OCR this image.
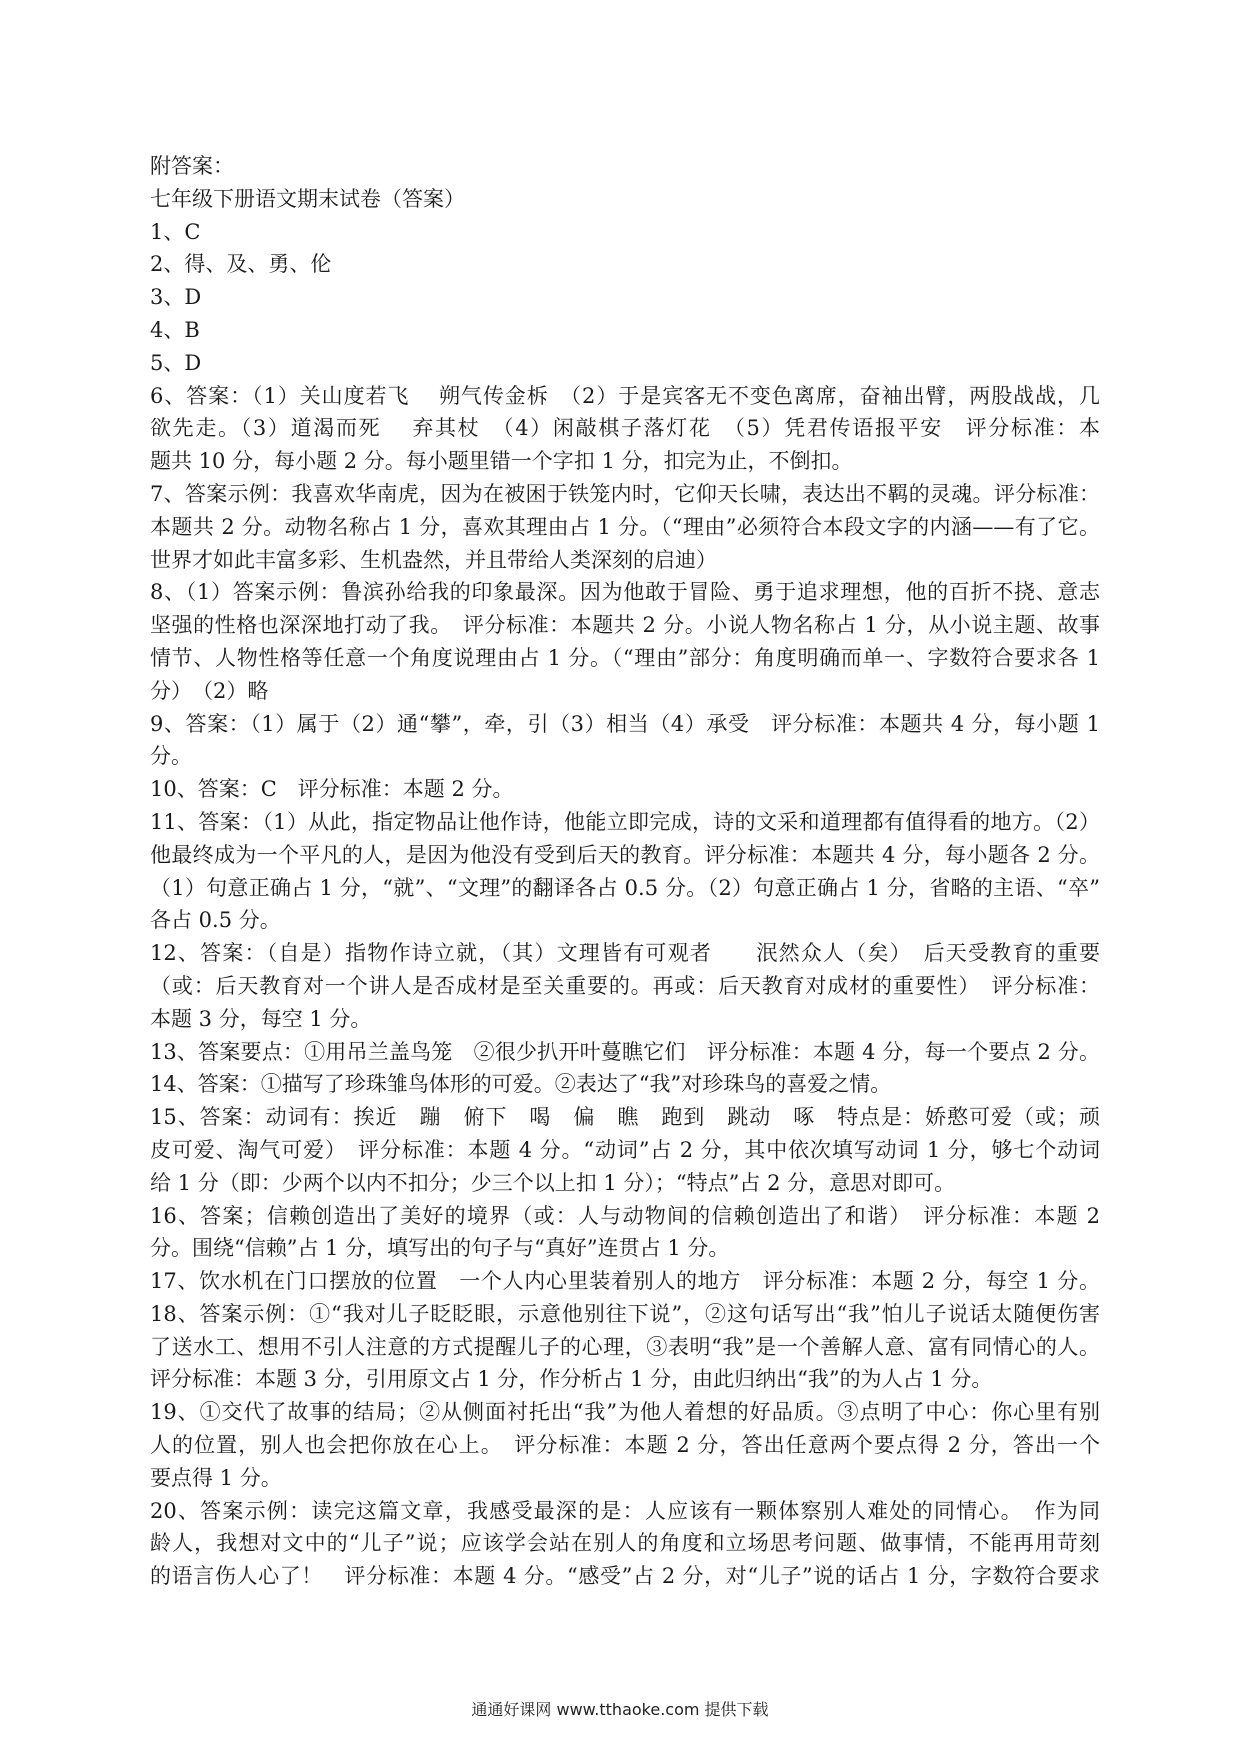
附答案：
七年级下册语文期末试卷（答案）
1、C
2、得、及、勇、伦
3、D
4、B
5、D
6、答案：（1）关山度若飞　 朔气传金柝　（2）于是宾客无不变色离席，奋袖出臂，两股战战，几
欲先走。（3）道渴而死　 弃其杖　（4）闲敲棋子落灯花　（5）凭君传语报平安　评分标准：本
题共 10 分，每小题 2 分。每小题里错一个字扣 1 分，扣完为止，不倒扣。
7、答案示例：我喜欢华南虎，因为在被困于铁笼内时，它仰天长啸，表达出不羁的灵魂。评分标准：
本题共 2 分。动物名称占 1 分，喜欢其理由占 1 分。（“理由”必须符合本段文字的内涵——有了它。
世界才如此丰富多彩、生机盎然，并且带给人类深刻的启迪）
8、（1）答案示例：鲁滨孙给我的印象最深。因为他敢于冒险、勇于追求理想，他的百折不挠、意志
坚强的性格也深深地打动了我。　评分标准：本题共 2 分。小说人物名称占 1 分，从小说主题、故事
情节、人物性格等任意一个角度说理由占 1 分。（“理由”部分：角度明确而单一、字数符合要求各 1
分）　（2）略
9、答案：（1）属于（2）通“攀”，牵，引（3）相当（4）承受　评分标准：本题共 4 分，每小题 1
分。
10、答案：C　评分标准：本题 2 分。
11、答案：（1）从此，指定物品让他作诗，他能立即完成，诗的文采和道理都有值得看的地方。（2）
他最终成为一个平凡的人，是因为他没有受到后天的教育。评分标准：本题共 4 分，每小题各 2 分。
（1）句意正确占 1 分，“就”、“文理”的翻译各占 0.5 分。（2）句意正确占 1 分，省略的主语、“卒”
各占 0.5 分。
12、答案：（自是）指物作诗立就，（其）文理皆有可观者　　泯然众人（矣）　后天受教育的重要
（或：后天教育对一个讲人是否成材是至关重要的。再或：后天教育对成材的重要性）　评分标准：
本题 3 分，每空 1 分。
13、答案要点：①用吊兰盖鸟笼　②很少扒开叶蔓瞧它们　评分标准：本题 4 分，每一个要点 2 分。
14、答案：①描写了珍珠雏鸟体形的可爱。②表达了“我”对珍珠鸟的喜爱之情。
15、答案：动词有：挨近　蹦　俯下　喝　偏　瞧　跑到　跳动　啄　特点是：娇憨可爱（或；顽
皮可爱、淘气可爱）　评分标准：本题 4 分。“动词”占 2 分，其中依次填写动词 1 分，够七个动词
给 1 分（即：少两个以内不扣分；少三个以上扣 1 分）；“特点”占 2 分，意思对即可。
16、答案；信赖创造出了美好的境界（或：人与动物间的信赖创造出了和谐）　评分标准：本题 2
分。围绕“信赖”占 1 分，填写出的句子与“真好”连贯占 1 分。
17、饮水机在门口摆放的位置　一个人内心里装着别人的地方　评分标准：本题 2 分，每空 1 分。
18、答案示例：①“我对儿子眨眨眼，示意他别往下说”，②这句话写出“我”怕儿子说话太随便伤害
了送水工、想用不引人注意的方式提醒儿子的心理，③表明“我”是一个善解人意、富有同情心的人。
评分标准：本题 3 分，引用原文占 1 分，作分析占 1 分，由此归纳出“我”的为人占 1 分。
19、①交代了故事的结局；②从侧面衬托出“我”为他人着想的好品质。③点明了中心：你心里有别
人的位置，别人也会把你放在心上。　评分标准：本题 2 分，答出任意两个要点得 2 分，答出一个
要点得 1 分。
20、答案示例：读完这篇文章，我感受最深的是：人应该有一颗体察别人难处的同情心。　作为同
龄人，我想对文中的“儿子”说；应该学会站在别人的角度和立场思考问题、做事情，不能再用苛刻
的语言伤人心了！　评分标准：本题 4 分。“感受”占 2 分，对“儿子”说的话占 1 分，字数符合要求
通通好课网 www.tthaoke.com 提供下载
